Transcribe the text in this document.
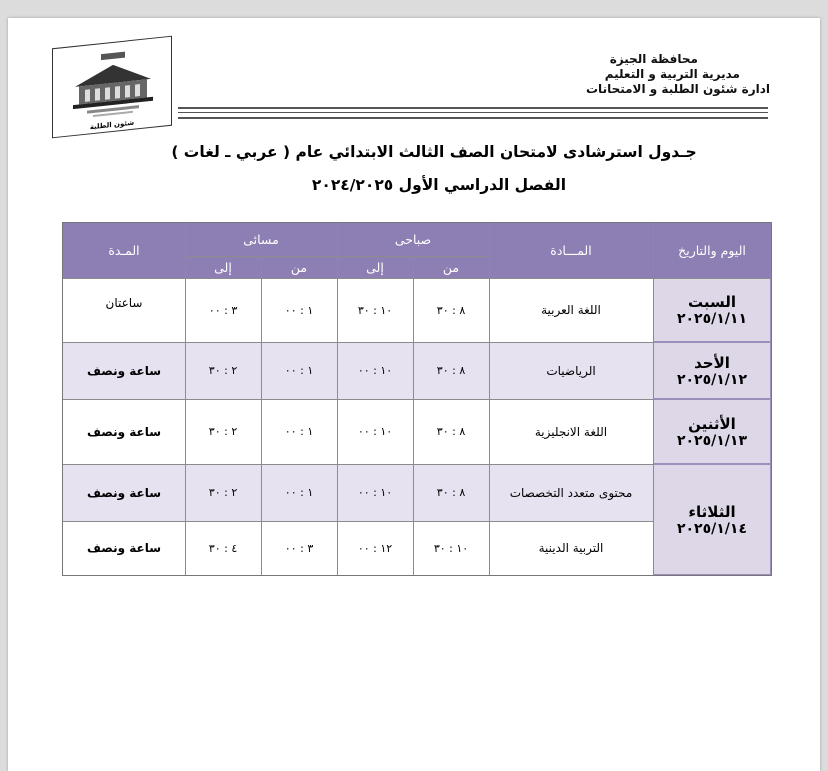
محافظة الجيزة
مديرية التربية و التعليم
ادارة شئون الطلبة و الامتحانات
شئون الطلبة
جـدول استرشادى لامتحان الصف الثالث الابتدائي عام ( عربي ـ لغات )
الفصل الدراسي الأول ٢٠٢٤/٢٠٢٥
اليوم والتاريخ
المـــادة
صباحى
مسائى
من
إلى
من
إلى
المـدة
السبت
٢٠٢٥/١/١١
الأحد
٢٠٢٥/١/١٢
الأثنين
٢٠٢٥/١/١٣
الثلاثاء
٢٠٢٥/١/١٤
اللغة العربية
٨ : ٣٠
١٠ : ٣٠
١ : ٠٠
٣ : ٠٠
ساعتان
الرياضيات
٨ : ٣٠
١٠ : ٠٠
١ : ٠٠
٢ : ٣٠
ساعة ونصف
اللغة الانجليزية
٨ : ٣٠
١٠ : ٠٠
١ : ٠٠
٢ : ٣٠
ساعة ونصف
محتوى متعدد التخصصات
٨ : ٣٠
١٠ : ٠٠
١ : ٠٠
٢ : ٣٠
ساعة ونصف
التربية الدينية
١٠ : ٣٠
١٢ : ٠٠
٣ : ٠٠
٤ : ٣٠
ساعة ونصف
